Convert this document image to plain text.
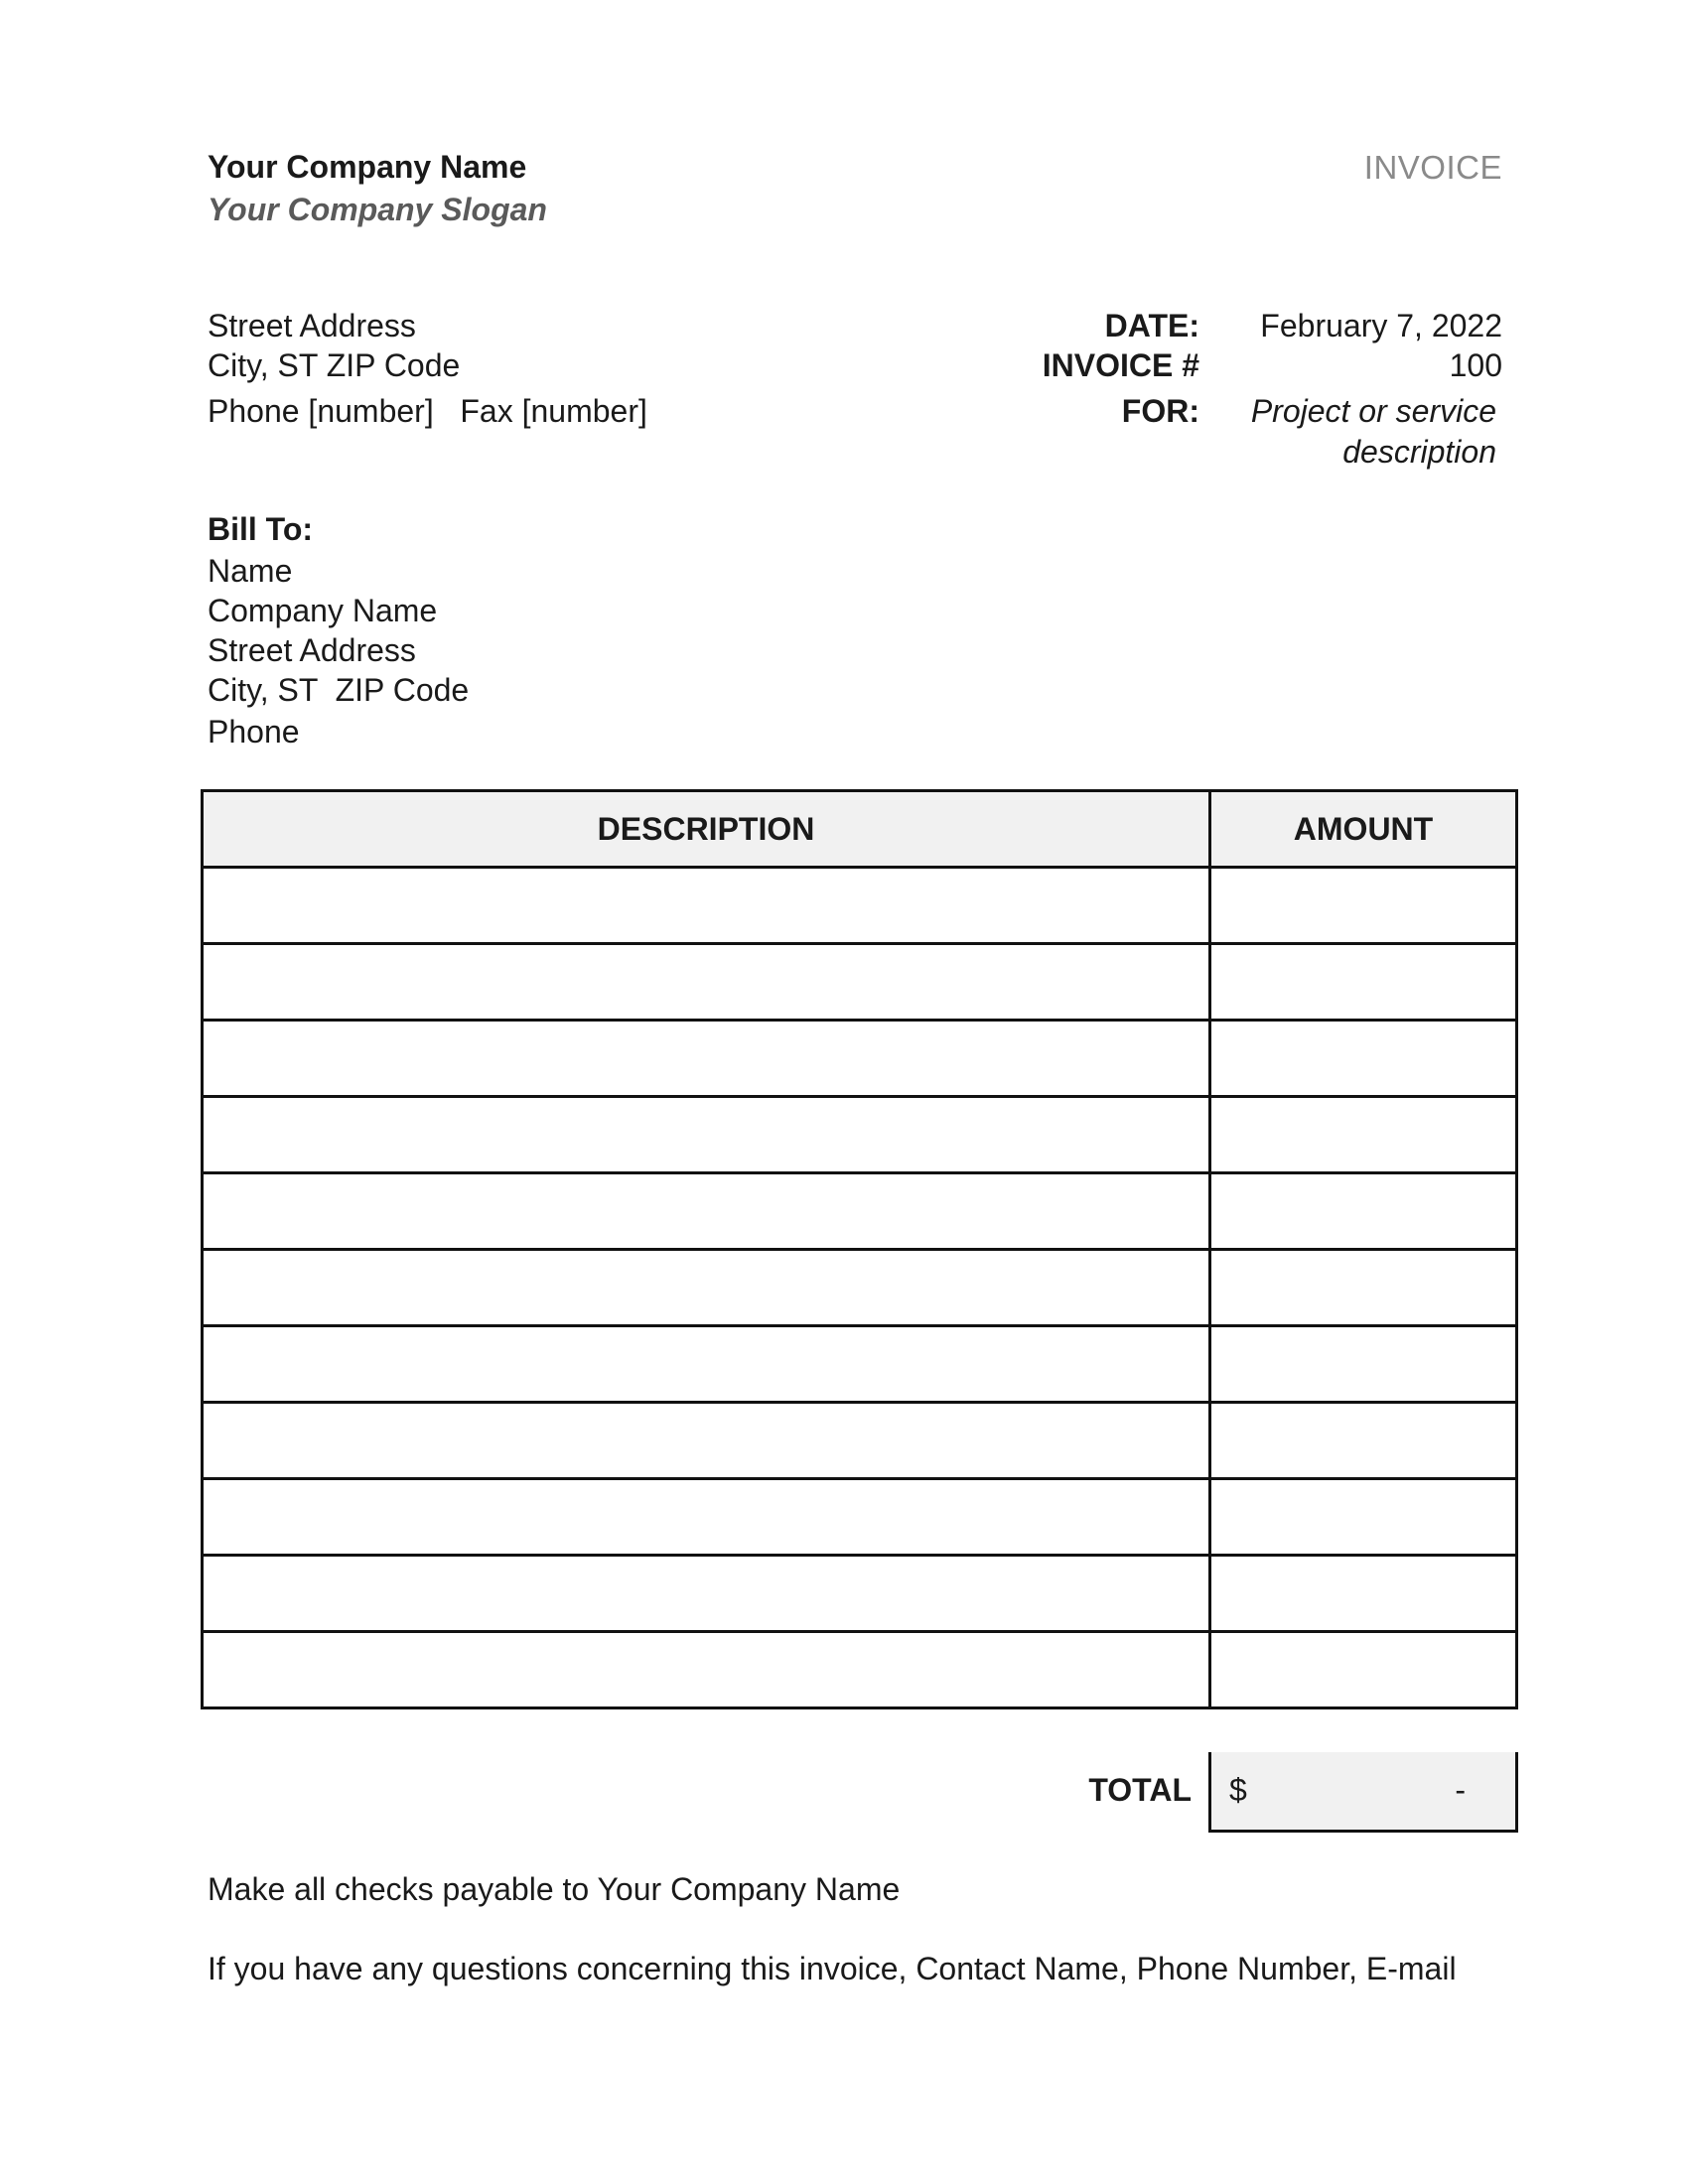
Your Company Name
Your Company Slogan
INVOICE
Street Address
City, ST ZIP Code
Phone [number]   Fax [number]
DATE: February 7, 2022
INVOICE #	100
FOR: Project or service
description
Bill To:
Name
Company Name
Street Address
City, ST  ZIP Code
Phone
DESCRIPTION	AMOUNT

TOTAL $	-
Make all checks payable to Your Company Name
If you have any questions concerning this invoice, Contact Name, Phone Number, E-mail
